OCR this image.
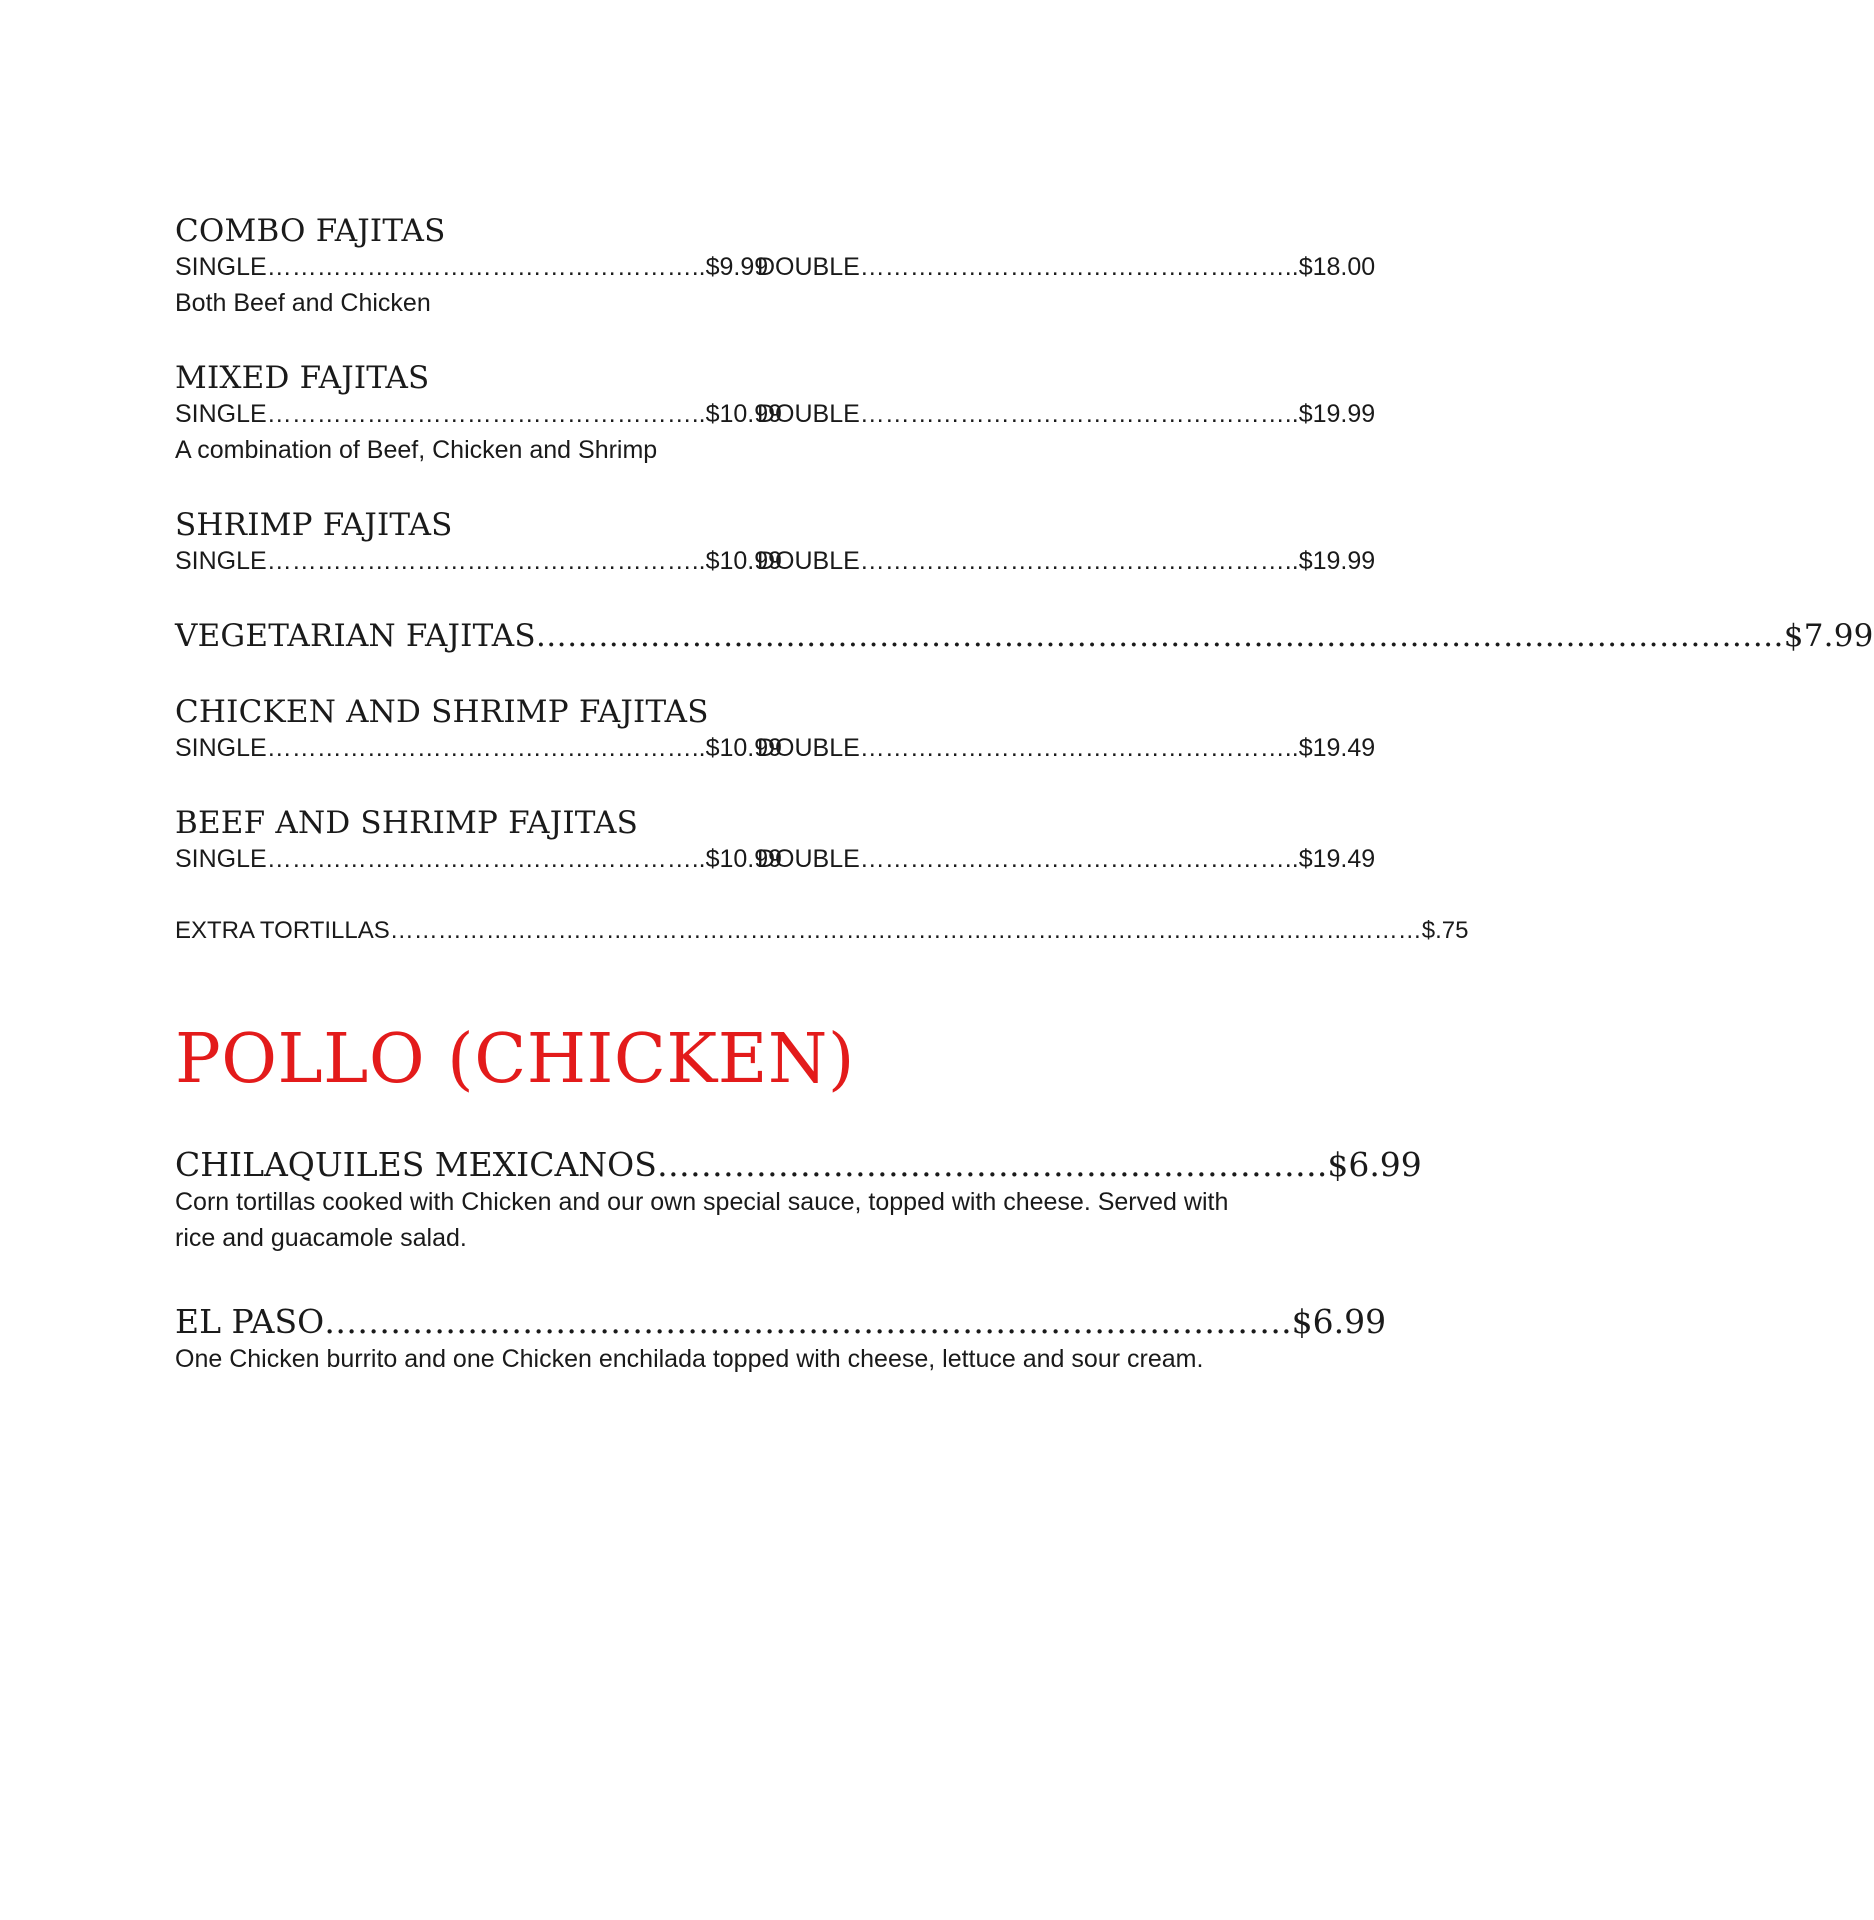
COMBO FAJITAS
SINGLE……………………………………………..$9.99
DOUBLE……………………………………………..$18.00
Both Beef and Chicken
MIXED FAJITAS
SINGLE……………………………………………..$10.99
DOUBLE……………………………………………..$19.99
A combination of Beef, Chicken and Shrimp
SHRIMP FAJITAS
SINGLE……………………………………………..$10.99
DOUBLE……………………………………………..$19.99
VEGETARIAN FAJITAS…………………………………………………………………………………………………………$7.99
CHICKEN AND SHRIMP FAJITAS
SINGLE……………………………………………..$10.99
DOUBLE……………………………………………..$19.49
BEEF AND SHRIMP FAJITAS
SINGLE……………………………………………..$10.99
DOUBLE……………………………………………..$19.49
EXTRA TORTILLAS…………………………………………………………………………………………………………………$.75
POLLO (CHICKEN)
CHILAQUILES MEXICANOS…………………………………………………….$6.99
Corn tortillas cooked with Chicken and our own special sauce, topped with cheese. Served with
rice and guacamole salad.
EL PASO…………………………………………………………………………….$6.99
One Chicken burrito and one Chicken enchilada topped with cheese, lettuce and sour cream.
